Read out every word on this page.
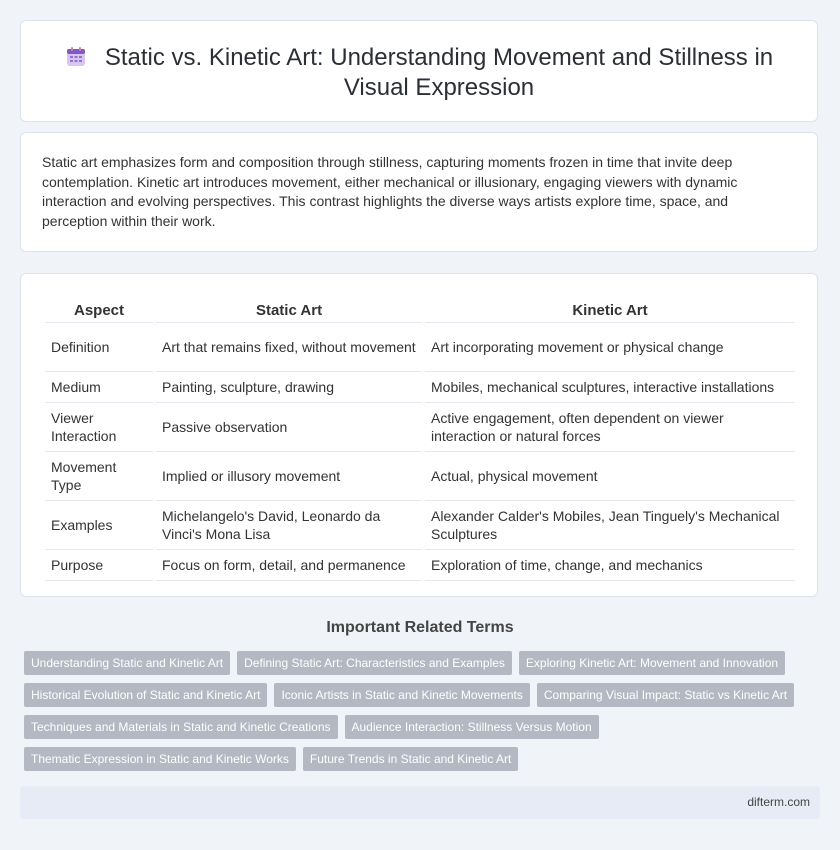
Static vs. Kinetic Art: Understanding Movement and Stillness in Visual Expression

Static art emphasizes form and composition through stillness, capturing moments frozen in time that invite deep contemplation. Kinetic art introduces movement, either mechanical or illusionary, engaging viewers with dynamic interaction and evolving perspectives. This contrast highlights the diverse ways artists explore time, space, and perception within their work.

Aspect	Static Art	Kinetic Art
Definition	Art that remains fixed, without movement	Art incorporating movement or physical change
Medium	Painting, sculpture, drawing	Mobiles, mechanical sculptures, interactive installations
Viewer Interaction	Passive observation	Active engagement, often dependent on viewer interaction or natural forces
Movement Type	Implied or illusory movement	Actual, physical movement
Examples	Michelangelo's David, Leonardo da Vinci's Mona Lisa	Alexander Calder's Mobiles, Jean Tinguely's Mechanical Sculptures
Purpose	Focus on form, detail, and permanence	Exploration of time, change, and mechanics
Important Related Terms
Understanding Static and Kinetic Art	Defining Static Art: Characteristics and Examples	Exploring Kinetic Art: Movement and Innovation
Historical Evolution of Static and Kinetic Art	Iconic Artists in Static and Kinetic Movements	Comparing Visual Impact: Static vs Kinetic Art
Techniques and Materials in Static and Kinetic Creations	Audience Interaction: Stillness Versus Motion
Thematic Expression in Static and Kinetic Works	Future Trends in Static and Kinetic Art
difterm.com
